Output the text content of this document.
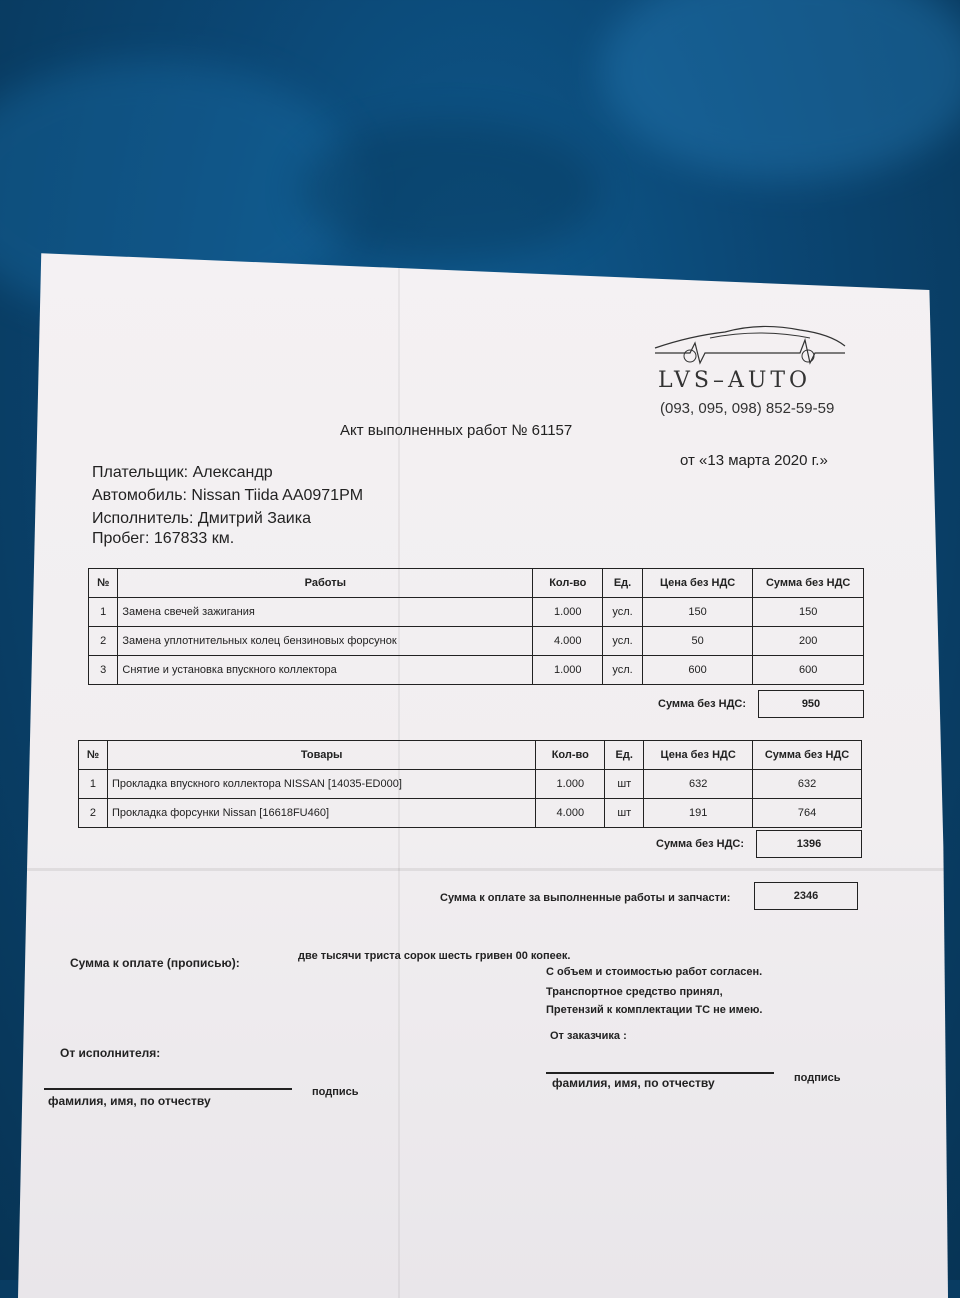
LVS–AUTO
(093, 095, 098) 852-59-59
Акт выполненных работ № 61157
от «13 марта 2020 г.»
Плательщик: Александр
Автомобиль: Nissan Tiida AA0971PM
Исполнитель: Дмитрий Заика
Пробег: 167833 км.
№	Работы	Кол-во	Ед.	Цена без НДС	Сумма без НДС
1	Замена свечей зажигания	1.000	усл.	150	150
2	Замена уплотнительных колец бензиновых форсунок	4.000	усл.	50	200
3	Снятие и установка впускного коллектора	1.000	усл.	600	600
Сумма без НДС:	950
№	Товары	Кол-во	Ед.	Цена без НДС	Сумма без НДС
1	Прокладка впускного коллектора NISSAN [14035-ED000]	1.000	шт	632	632
2	Прокладка форсунки Nissan [16618FU460]	4.000	шт	191	764
Сумма без НДС:	1396
Сумма к оплате за выполненные работы и запчасти:	2346
Сумма к оплате (прописью):	две тысячи триста сорок шесть гривен 00 копеек.
С объем и стоимостью работ согласен.
Транспортное средство принял,
Претензий к комплектации ТС не имею.
От исполнителя:
От заказчика :
фамилия, имя, по отчеству
подпись
фамилия, имя, по отчеству	подпись
